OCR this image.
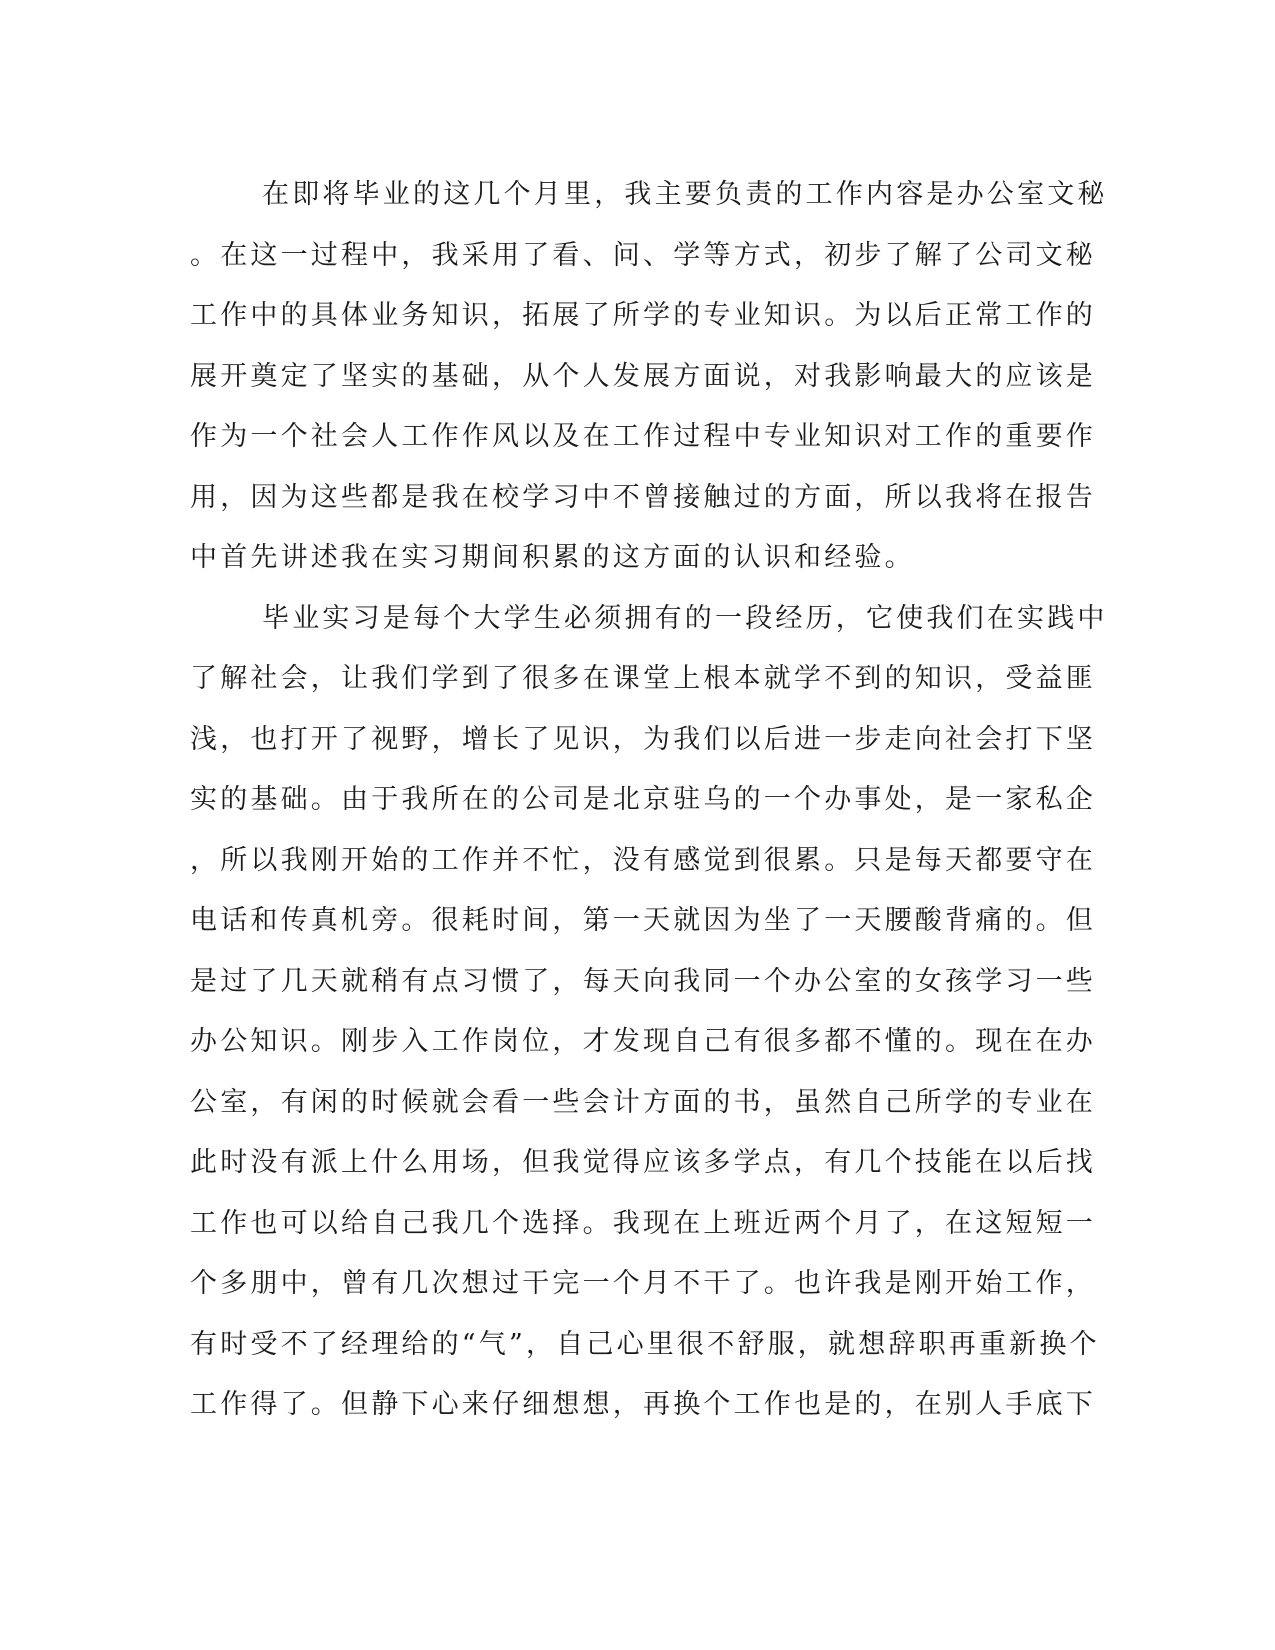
在即将毕业的这几个月里，我主要负责的工作内容是办公室文秘
。在这一过程中，我采用了看、问、学等方式，初步了解了公司文秘
工作中的具体业务知识，拓展了所学的专业知识。为以后正常工作的
展开奠定了坚实的基础，从个人发展方面说，对我影响最大的应该是
作为一个社会人工作作风以及在工作过程中专业知识对工作的重要作
用，因为这些都是我在校学习中不曾接触过的方面，所以我将在报告
中首先讲述我在实习期间积累的这方面的认识和经验。
毕业实习是每个大学生必须拥有的一段经历，它使我们在实践中
了解社会，让我们学到了很多在课堂上根本就学不到的知识，受益匪
浅，也打开了视野，增长了见识，为我们以后进一步走向社会打下坚
实的基础。由于我所在的公司是北京驻乌的一个办事处，是一家私企
，所以我刚开始的工作并不忙，没有感觉到很累。只是每天都要守在
电话和传真机旁。很耗时间，第一天就因为坐了一天腰酸背痛的。但
是过了几天就稍有点习惯了，每天向我同一个办公室的女孩学习一些
办公知识。刚步入工作岗位，才发现自己有很多都不懂的。现在在办
公室，有闲的时候就会看一些会计方面的书，虽然自己所学的专业在
此时没有派上什么用场，但我觉得应该多学点，有几个技能在以后找
工作也可以给自己我几个选择。我现在上班近两个月了，在这短短一
个多朋中，曾有几次想过干完一个月不干了。也许我是刚开始工作，
有时受不了经理给的“气”，自己心里很不舒服，就想辞职再重新换个
工作得了。但静下心来仔细想想，再换个工作也是的，在别人手底下
